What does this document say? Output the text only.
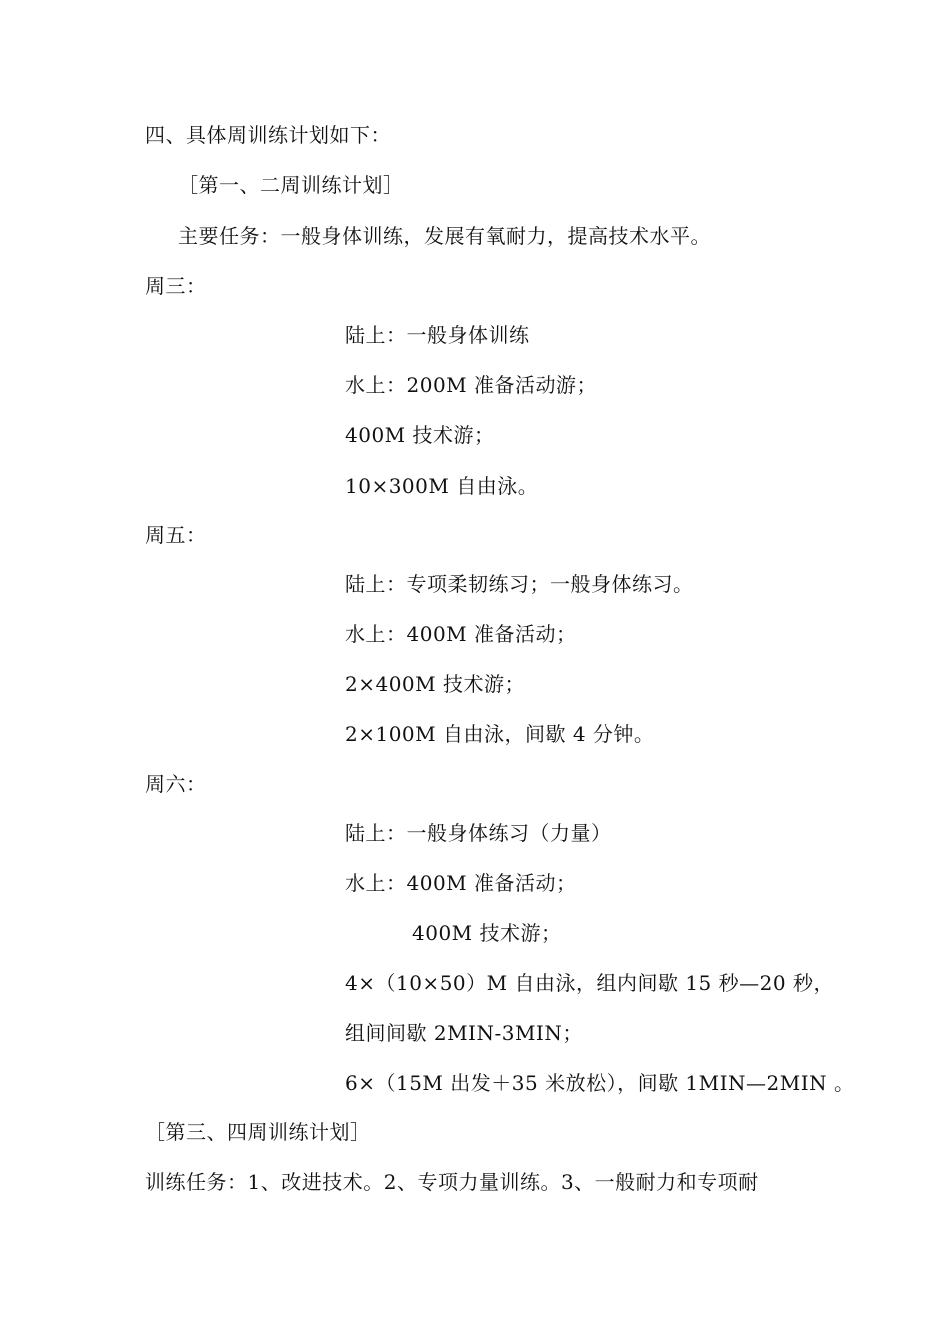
四、具体周训练计划如下：
［第一、二周训练计划］
主要任务：一般身体训练，发展有氧耐力，提高技术水平。
周三：
陆上：一般身体训练
水上：200M 准备活动游；
400M 技术游；
10×300M 自由泳。
周五：
陆上：专项柔韧练习；一般身体练习。
水上：400M 准备活动；
2×400M 技术游；
2×100M 自由泳，间歇 4 分钟。
周六：
陆上：一般身体练习（力量）
水上：400M 准备活动；
400M 技术游；
4×（10×50）M 自由泳，组内间歇 15 秒—20 秒，
组间间歇 2MIN-3MIN；
6×（15M 出发＋35 米放松），间歇 1MIN—2MIN 。
［第三、四周训练计划］
训练任务：1、改进技术。2、专项力量训练。3、一般耐力和专项耐
